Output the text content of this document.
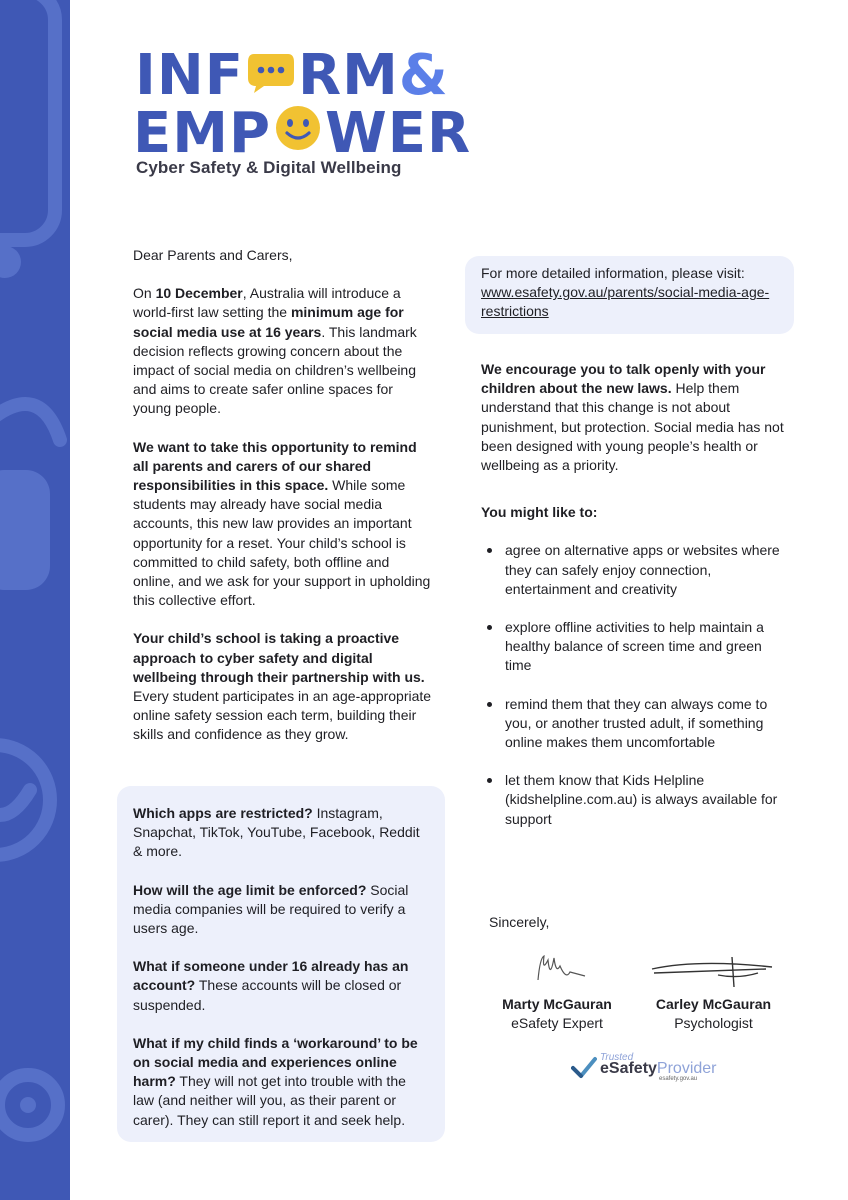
INF RM &
EMP WER
Cyber Safety & Digital Wellbeing

Dear Parents and Carers,

On 10 December, Australia will introduce a world-first law setting the minimum age for social media use at 16 years. This landmark decision reflects growing concern about the impact of social media on children’s wellbeing and aims to create safer online spaces for young people.

We want to take this opportunity to remind all parents and carers of our shared responsibilities in this space. While some students may already have social media accounts, this new law provides an important opportunity for a reset. Your child’s school is committed to child safety, both offline and online, and we ask for your support in upholding this collective effort.

Your child’s school is taking a proactive approach to cyber safety and digital wellbeing through their partnership with us. Every student participates in an age-appropriate online safety session each term, building their skills and confidence as they grow.

Which apps are restricted? Instagram, Snapchat, TikTok, YouTube, Facebook, Reddit & more.

How will the age limit be enforced? Social media companies will be required to verify a users age.

What if someone under 16 already has an account? These accounts will be closed or suspended.

What if my child finds a ‘workaround’ to be on social media and experiences online harm? They will not get into trouble with the law (and neither will you, as their parent or carer). They can still report it and seek help.

For more detailed information, please visit:
www.esafety.gov.au/parents/social-media-age-restrictions

We encourage you to talk openly with your children about the new laws. Help them understand that this change is not about punishment, but protection. Social media has not been designed with young people’s health or wellbeing as a priority.

You might like to:

agree on alternative apps or websites where they can safely enjoy connection, entertainment and creativity
explore offline activities to help maintain a healthy balance of screen time and green time
remind them that they can always come to you, or another trusted adult, if something online makes them uncomfortable
let them know that Kids Helpline (kidshelpline.com.au) is always available for support
Sincerely,
Marty McGauran
eSafety Expert
Carley McGauran
Psychologist
Trusted
eSafetyProvider
esafety.gov.au
